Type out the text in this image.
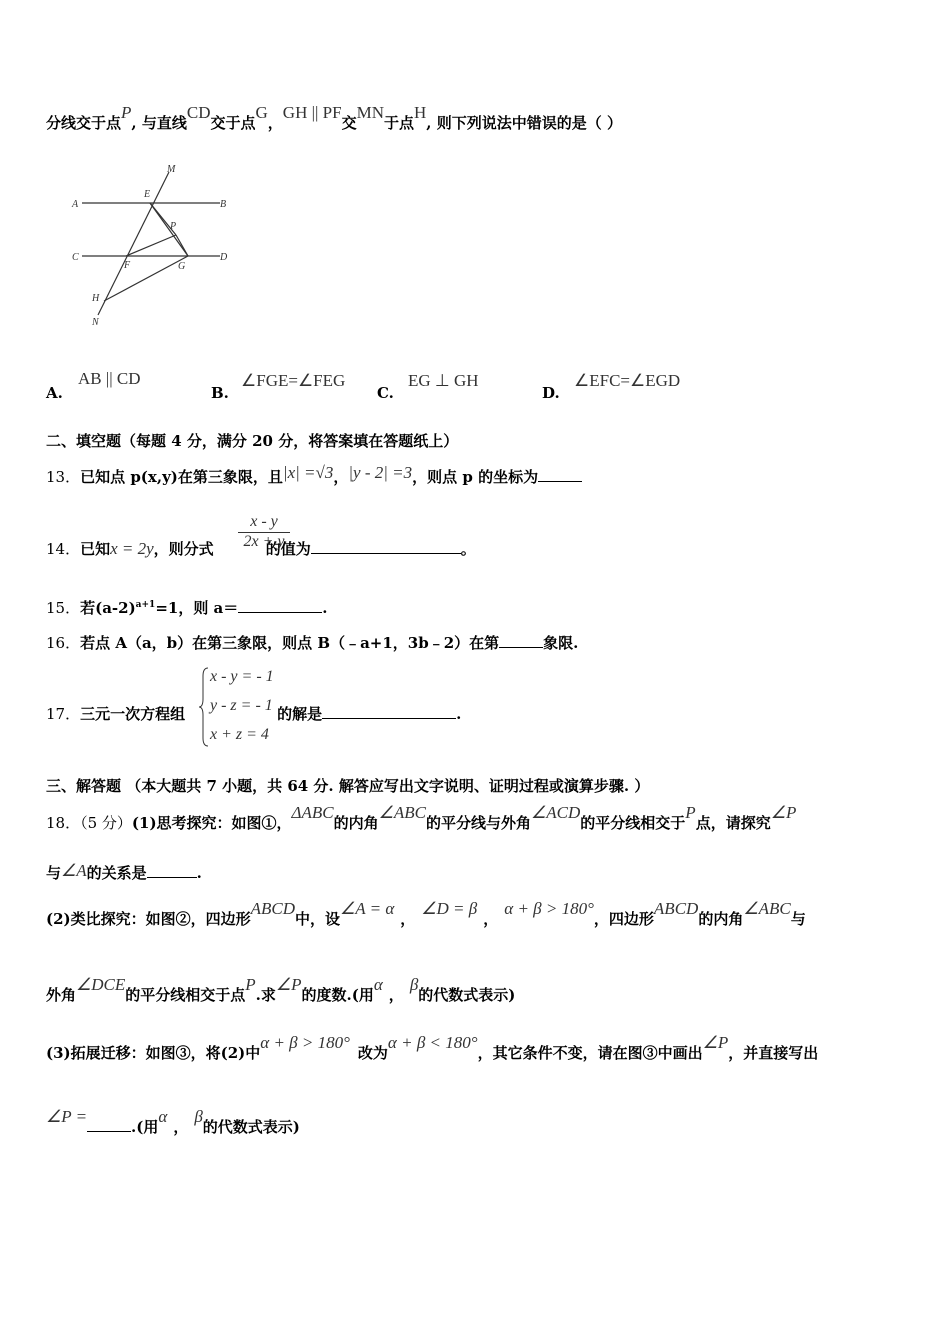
分线交于点P, 与直线CD交于点G，GH || PF交MN于点H, 则下列说法中错误的是（ ）
M
E
A	B
P
C
F	G
D
H
N
A.
AB || CD
B.
∠FGE=∠FEG
C.
EG ⊥ GH
D.
∠EFC=∠EGD
二、填空题（每题 4 分，满分 20 分，将答案填在答题纸上）
13．已知点 p(x,y)在第三象限，且|x| =√3，|y - 2| =3，则点 p 的坐标为
14．已知x = 2y，则分式	的值为	。
$\frac{x - y}{2x + y}$
15．若$(a-2)^{a+1}=1$，则 a＝	.
16．若点 A（a，b）在第三象限，则点 B（﹣a+1，3b﹣2）在第	象限.
17．三元一次方程组	的解是	.
x - y = - 1
y - z = - 1
x + z = 4
三、解答题 （本大题共 7 小题，共 64 分. 解答应写出文字说明、证明过程或演算步骤. ）
18．（5 分）(1)思考探究：如图①，ΔABC的内角∠ABC的平分线与外角∠ACD的平分线相交于P点，请探究∠P
与∠A的关系是	.
(2)类比探究：如图②，四边形ABCD中，设∠A = α，∠D = β，α + β > 180°，四边形ABCD的内角∠ABC与
外角∠DCE的平分线相交于点P.求∠P的度数.(用α，β的代数式表示)
(3)拓展迁移：如图③，将(2)中α + β > 180°改为α + β < 180°，其它条件不变，请在图③中画出∠P，并直接写出
∠P =.(用α，β的代数式表示)
